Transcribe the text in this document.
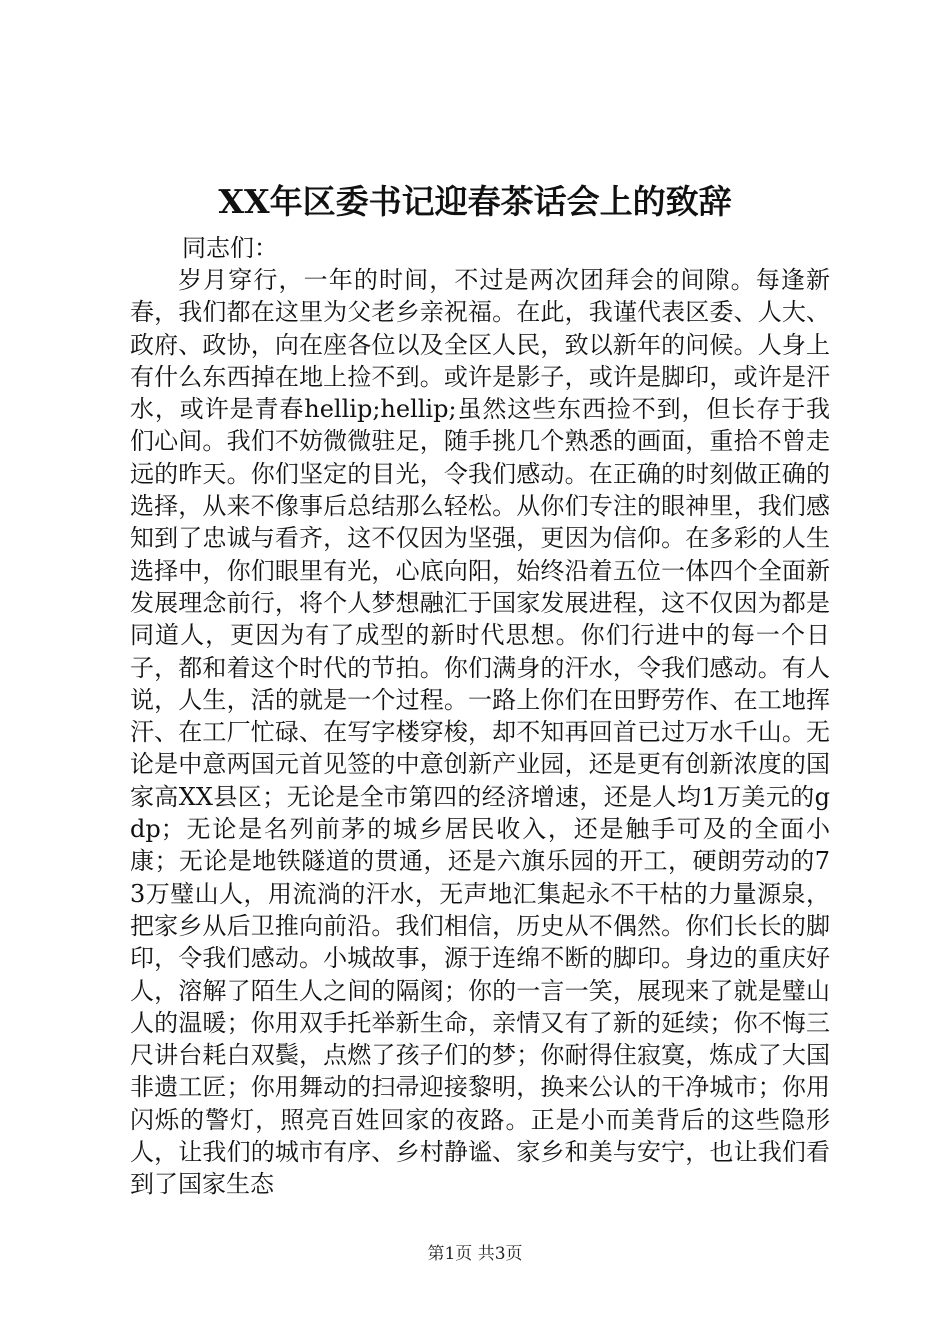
XX年区委书记迎春茶话会上的致辞

同志们：

岁月穿行，一年的时间，不过是两次团拜会的间隙。每逢新春，我们都在这里为父老乡亲祝福。在此，我谨代表区委、人大、政府、政协，向在座各位以及全区人民，致以新年的问候。人身上有什么东西掉在地上捡不到。或许是影子，或许是脚印，或许是汗水，或许是青春hellip;hellip;虽然这些东西捡不到，但长存于我们心间。我们不妨微微驻足，随手挑几个熟悉的画面，重拾不曾走远的昨天。你们坚定的目光，令我们感动。在正确的时刻做正确的选择，从来不像事后总结那么轻松。从你们专注的眼神里，我们感知到了忠诚与看齐，这不仅因为坚强，更因为信仰。在多彩的人生选择中，你们眼里有光，心底向阳，始终沿着五位一体四个全面新发展理念前行，将个人梦想融汇于国家发展进程，这不仅因为都是同道人，更因为有了成型的新时代思想。你们行进中的每一个日子，都和着这个时代的节拍。你们满身的汗水，令我们感动。有人说，人生，活的就是一个过程。一路上你们在田野劳作、在工地挥汗、在工厂忙碌、在写字楼穿梭，却不知再回首已过万水千山。无论是中意两国元首见签的中意创新产业园，还是更有创新浓度的国家高XX县区；无论是全市第四的经济增速，还是人均1万美元的gdp；无论是名列前茅的城乡居民收入，还是触手可及的全面小康；无论是地铁隧道的贯通，还是六旗乐园的开工，硬朗劳动的73万璧山人，用流淌的汗水，无声地汇集起永不干枯的力量源泉，把家乡从后卫推向前沿。我们相信，历史从不偶然。你们长长的脚印，令我们感动。小城故事，源于连绵不断的脚印。身边的重庆好人，溶解了陌生人之间的隔阂；你的一言一笑，展现来了就是璧山人的温暖；你用双手托举新生命，亲情又有了新的延续；你不悔三尺讲台耗白双鬓，点燃了孩子们的梦；你耐得住寂寞，炼成了大国非遗工匠；你用舞动的扫帚迎接黎明，换来公认的干净城市；你用闪烁的警灯，照亮百姓回家的夜路。正是小而美背后的这些隐形人，让我们的城市有序、乡村静谧、家乡和美与安宁，也让我们看到了国家生态

第1页 共3页
